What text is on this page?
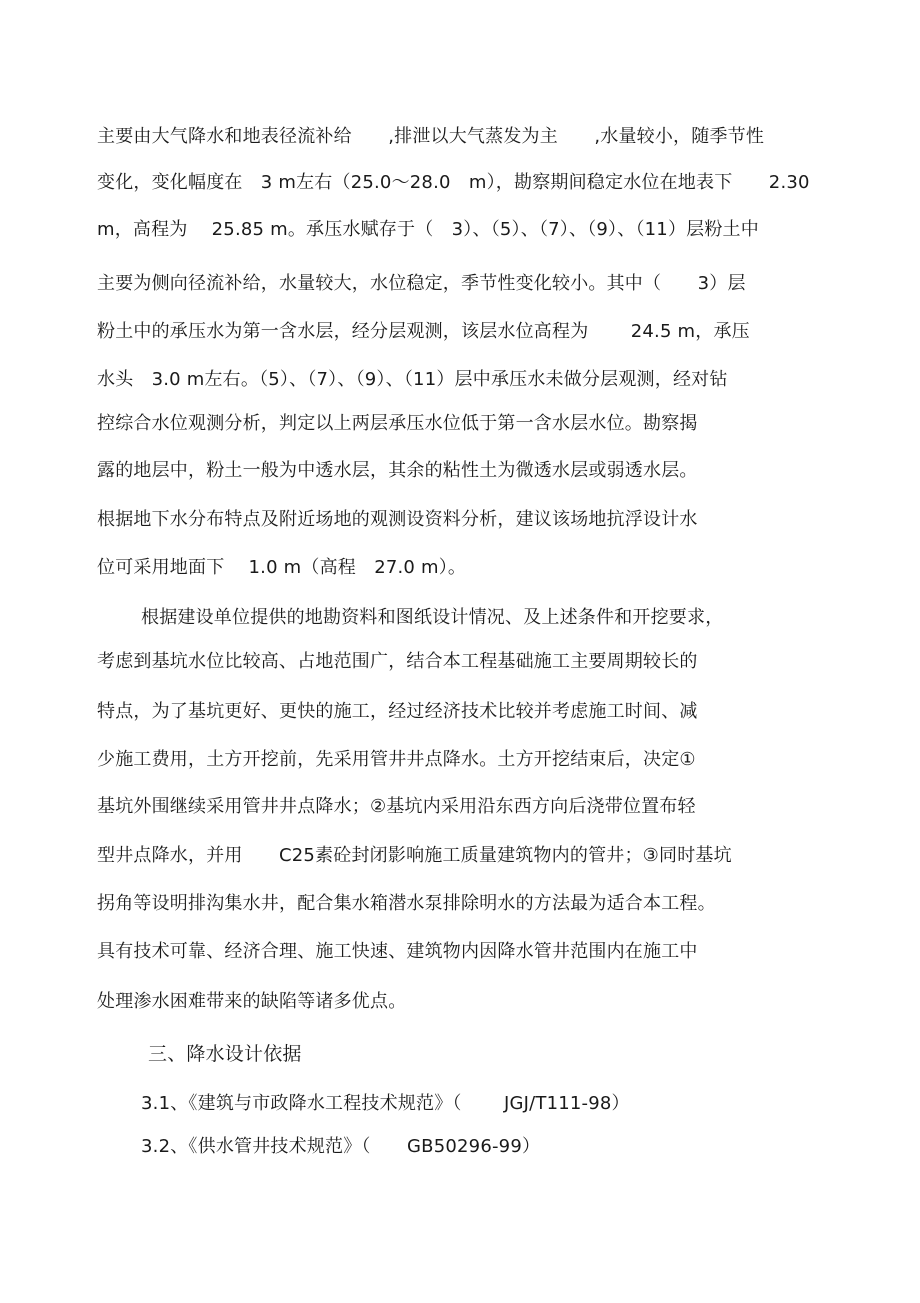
主要由大气降水和地表径流补给　　,排泄以大气蒸发为主　　,水量较小，随季节性
变化，变化幅度在　3 m左右（25.0～28.0　m），勘察期间稳定水位在地表下　　2.30
m，高程为　 25.85 m。承压水赋存于（　3）、（5）、（7）、（9）、（11）层粉土中
主要为侧向径流补给，水量较大，水位稳定，季节性变化较小。其中（　　3）层
粉土中的承压水为第一含水层，经分层观测，该层水位高程为　　 24.5 m，承压
水头　3.0 m左右。（5）、（7）、（9）、（11）层中承压水未做分层观测，经对钻
控综合水位观测分析，判定以上两层承压水位低于第一含水层水位。勘察揭
露的地层中，粉土一般为中透水层，其余的粘性土为微透水层或弱透水层。
根据地下水分布特点及附近场地的观测设资料分析，建议该场地抗浮设计水
位可采用地面下　 1.0 m（高程　27.0 m）。
根据建设单位提供的地勘资料和图纸设计情况、及上述条件和开挖要求，
考虑到基坑水位比较高、占地范围广，结合本工程基础施工主要周期较长的
特点，为了基坑更好、更快的施工，经过经济技术比较并考虑施工时间、减
少施工费用，土方开挖前，先采用管井井点降水。土方开挖结束后，决定①
基坑外围继续采用管井井点降水；②基坑内采用沿东西方向后浇带位置布轻
型井点降水，并用　　C25素砼封闭影响施工质量建筑物内的管井；③同时基坑
拐角等设明排沟集水井，配合集水箱潜水泵排除明水的方法最为适合本工程。
具有技术可靠、经济合理、施工快速、建筑物内因降水管井范围内在施工中
处理渗水困难带来的缺陷等诸多优点。
三、降水设计依据
3.1、《建筑与市政降水工程技术规范》（　　 JGJ/T111-98）
3.2、《供水管井技术规范》（　　GB50296-99）
